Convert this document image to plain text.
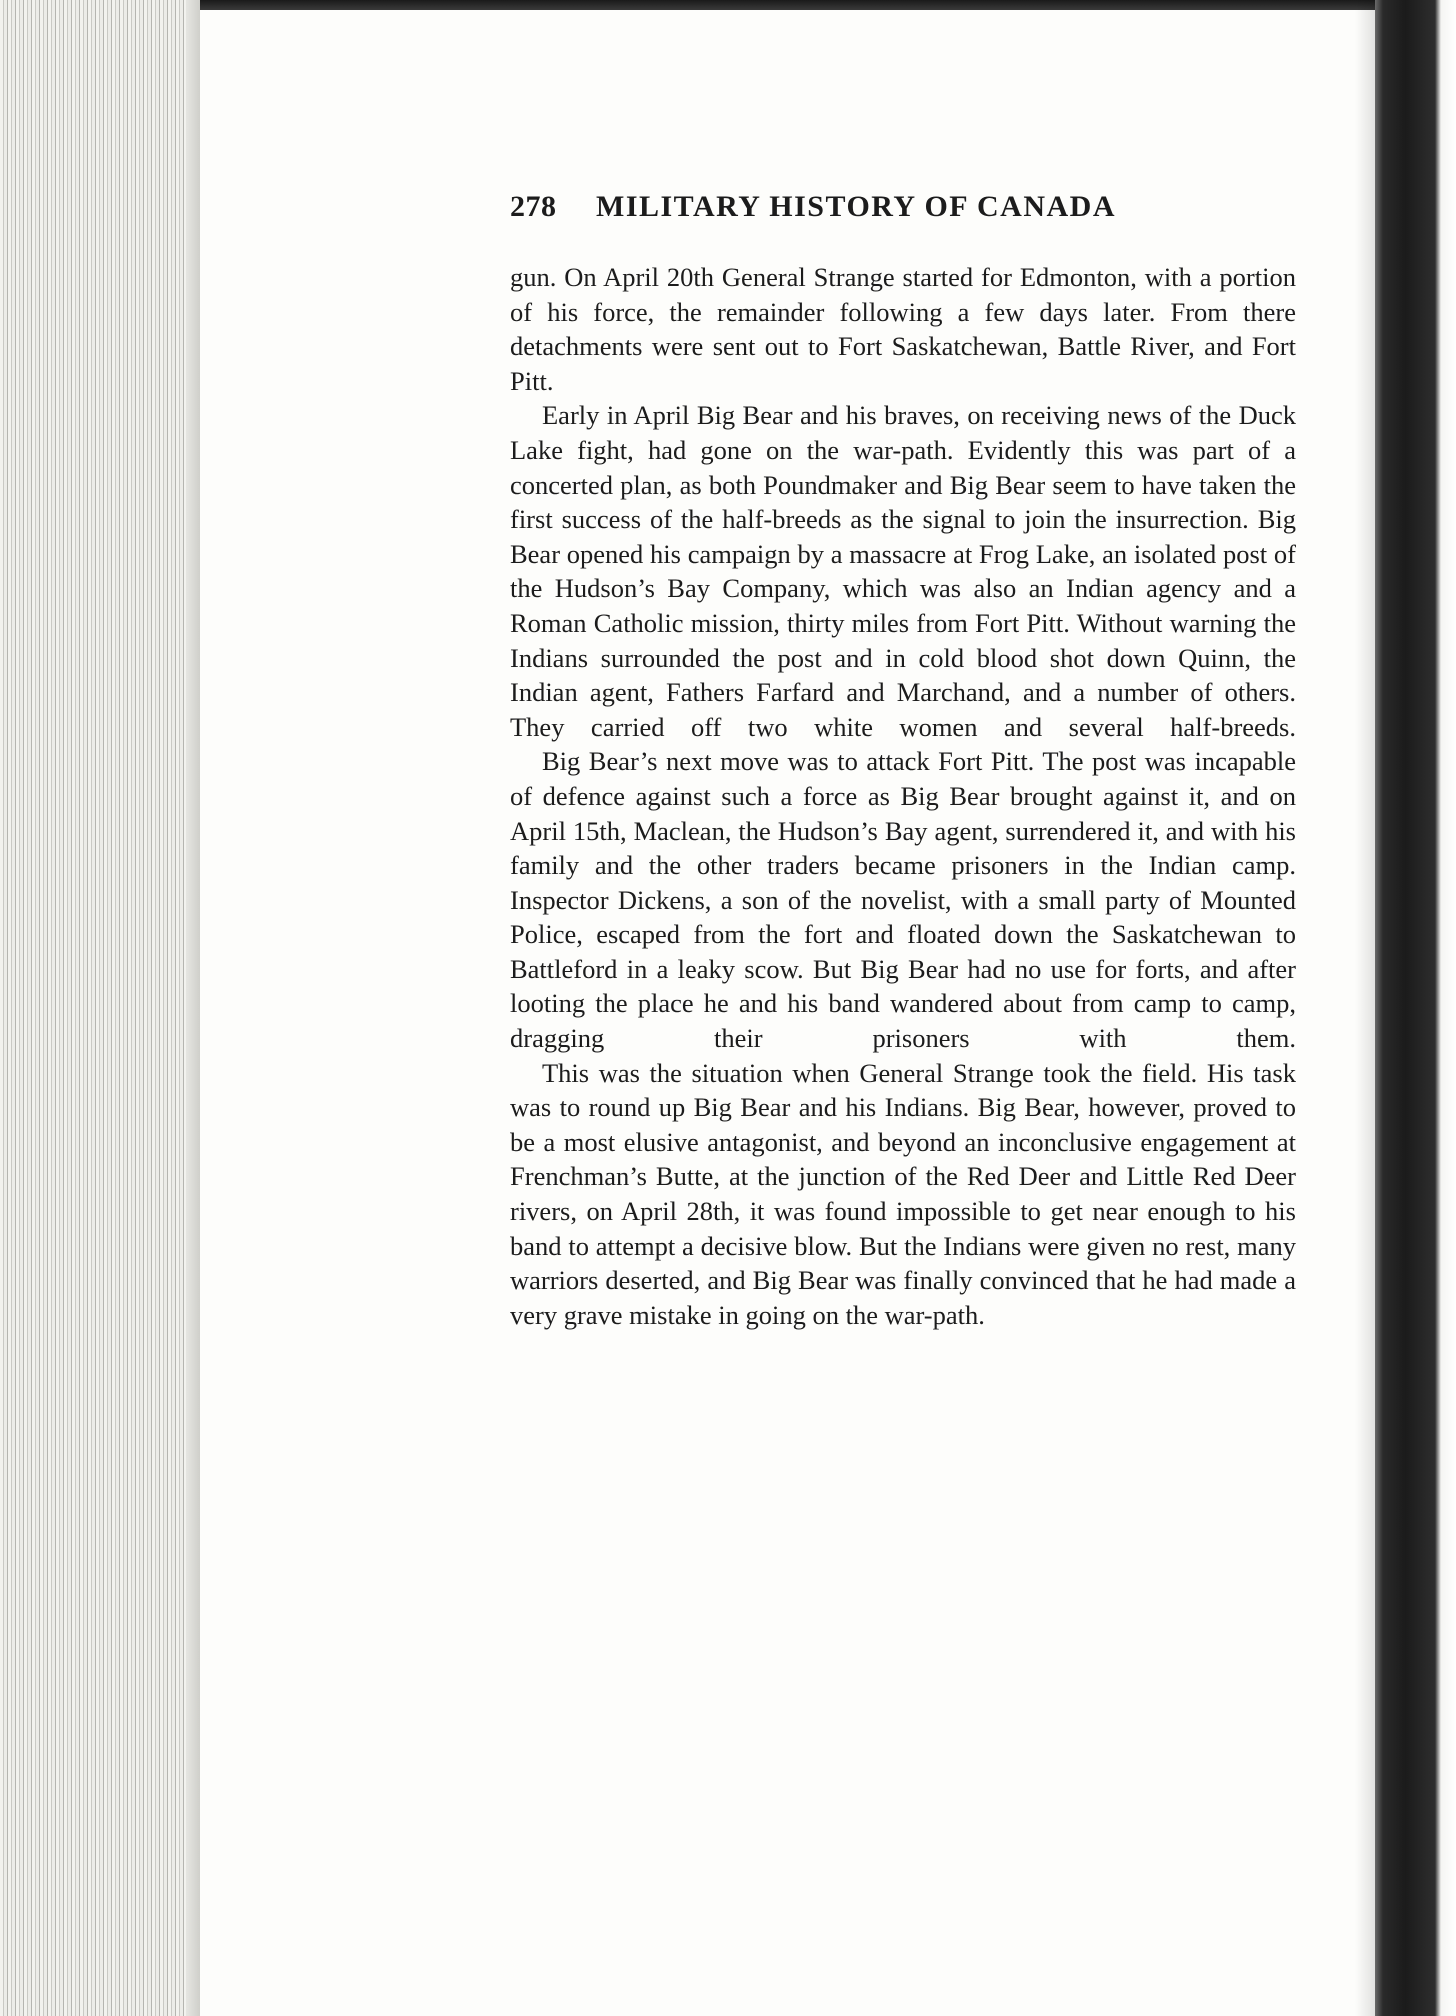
278	MILITARY HISTORY OF CANADA

gun. On April 20th General Strange started for Edmonton, with a portion of his force, the remainder following a few days later. From there detachments were sent out to Fort Saskatchewan, Battle River, and Fort Pitt.

Early in April Big Bear and his braves, on receiving news of the Duck Lake fight, had gone on the war-path. Evidently this was part of a concerted plan, as both Poundmaker and Big Bear seem to have taken the first success of the half-breeds as the signal to join the insurrection. Big Bear opened his campaign by a massacre at Frog Lake, an isolated post of the Hudson’s Bay Company, which was also an Indian agency and a Roman Catholic mission, thirty miles from Fort Pitt. Without warning the Indians surrounded the post and in cold blood shot down Quinn, the Indian agent, Fathers Farfard and Marchand, and a number of others. They carried off two white women and several half-breeds.

Big Bear’s next move was to attack Fort Pitt. The post was incapable of defence against such a force as Big Bear brought against it, and on April 15th, Maclean, the Hudson’s Bay agent, surrendered it, and with his family and the other traders became prisoners in the Indian camp. Inspector Dickens, a son of the novelist, with a small party of Mounted Police, escaped from the fort and floated down the Saskatchewan to Battleford in a leaky scow. But Big Bear had no use for forts, and after looting the place he and his band wandered about from camp to camp, dragging their prisoners with them.

This was the situation when General Strange took the field. His task was to round up Big Bear and his Indians. Big Bear, however, proved to be a most elusive antagonist, and beyond an inconclusive engagement at Frenchman’s Butte, at the junction of the Red Deer and Little Red Deer rivers, on April 28th, it was found impossible to get near enough to his band to attempt a decisive blow. But the Indians were given no rest, many warriors deserted, and Big Bear was finally convinced that he had made a very grave mistake in going on the war-path.
